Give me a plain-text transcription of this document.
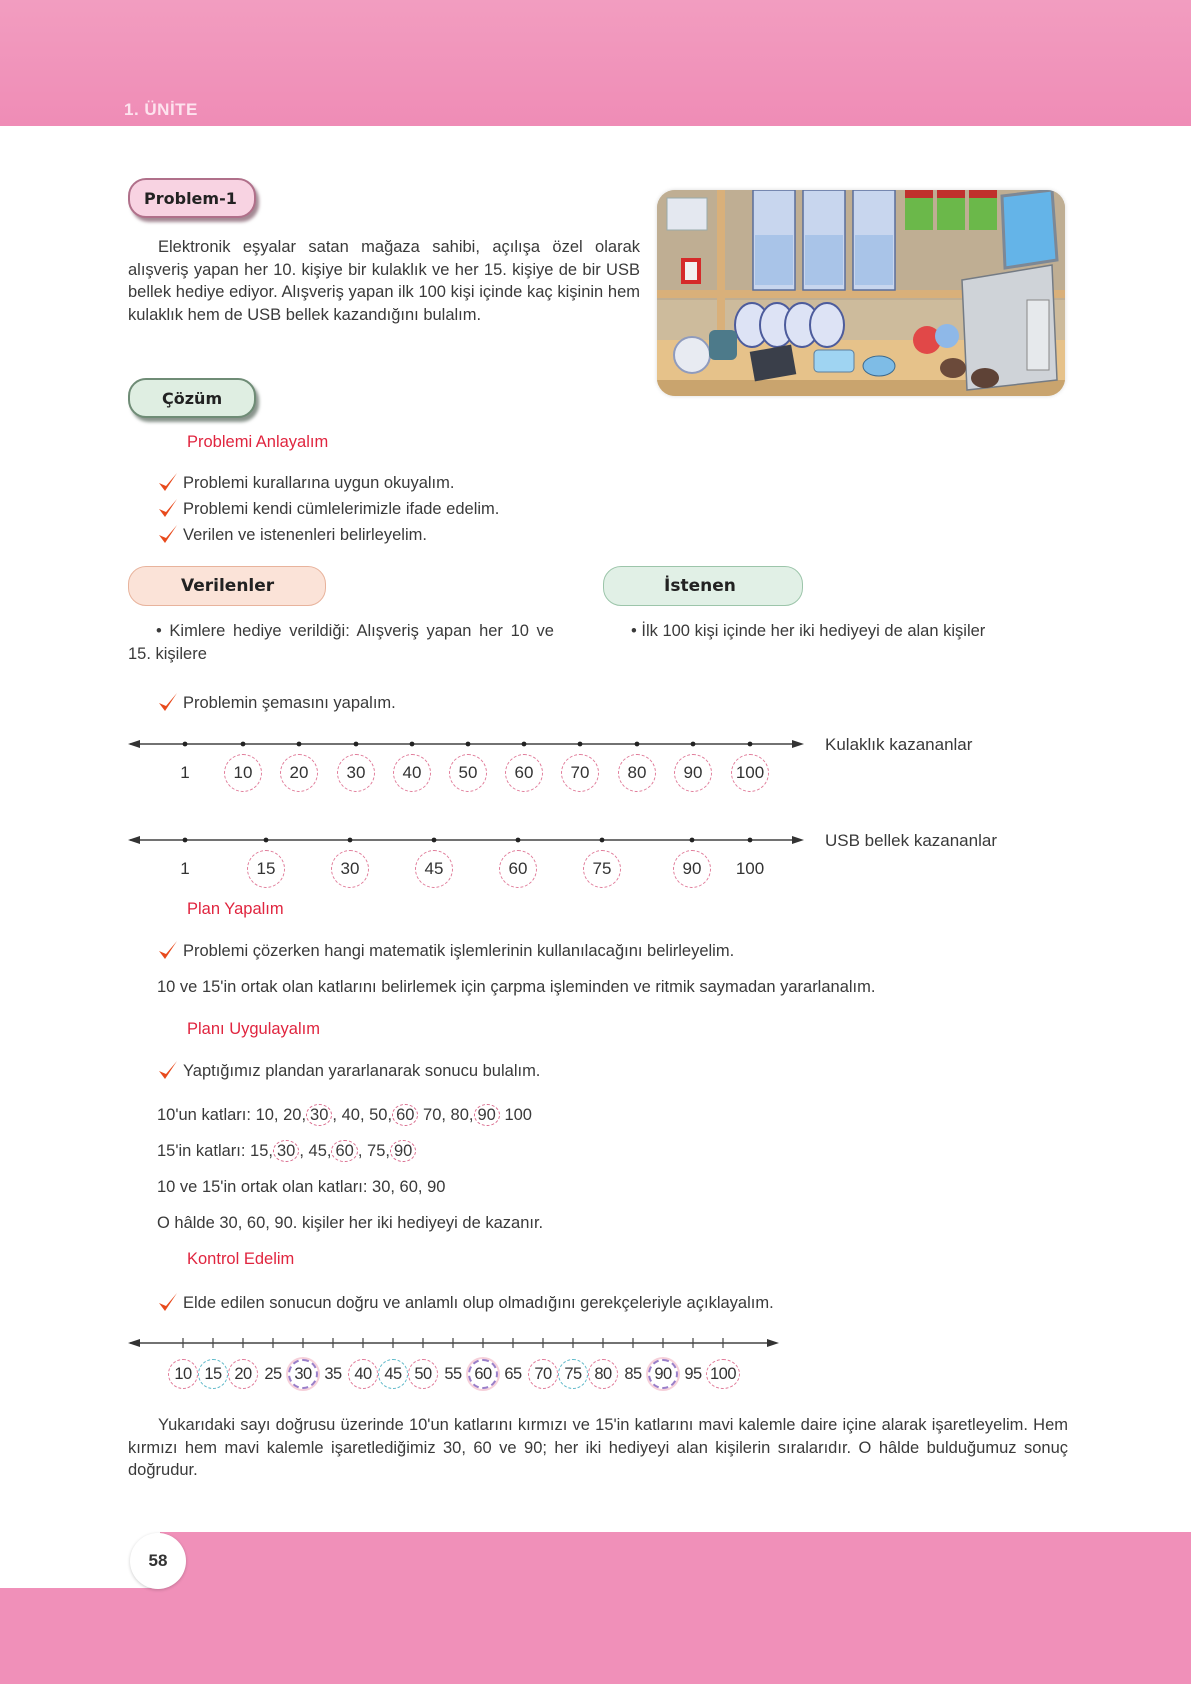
1. ÜNİTE
Problem-1

Elektronik eşyalar satan mağaza sahibi, açılışa özel olarak alışveriş yapan her 10. kişiye bir kulaklık ve her 15. kişiye de bir USB bellek hediye ediyor. Alışveriş yapan ilk 100 kişi içinde kaç kişinin hem kulaklık hem de USB bellek kazandığını bulalım.

Çözüm
Problemi Anlayalım
Problemi kurallarına uygun okuyalım.
Problemi kendi cümlelerimizle ifade edelim.
Verilen ve istenenleri belirleyelim.
Verilenler	İstenen

• Kimlere hediye verildiği: Alışveriş yapan her 10 ve 15. kişilere

• İlk 100 kişi içinde her iki hediyeyi de alan kişiler

Problemin şemasını yapalım.
1	10	20	30	40	50	60	70	80	90	100
Kulaklık kazananlar
1	15	30	45	60	75	90	100
USB bellek kazananlar
Plan Yapalım
Problemi çözerken hangi matematik işlemlerinin kullanılacağını belirleyelim.

10 ve 15'in ortak olan katlarını belirlemek için çarpma işleminden ve ritmik saymadan yararlanalım.

Planı Uygulayalım
Yaptığımız plandan yararlanarak sonucu bulalım.

10'un katları: 10, 20, 30 , 40, 50, 60 70, 80, 90 100

15'in katları: 15, 30 , 45, 60 , 75, 90

10 ve 15'in ortak olan katları: 30, 60, 90

O hâlde 30, 60, 90. kişiler her iki hediyeyi de kazanır.

Kontrol Edelim
Elde edilen sonucun doğru ve anlamlı olup olmadığını gerekçeleriyle açıklayalım.
10 15 20 25 30 35 40 45 50 55 60 65 70 75 80 85 90 95 100

Yukarıdaki sayı doğrusu üzerinde 10'un katlarını kırmızı ve 15'in katlarını mavi kalemle daire içine alarak işaretleyelim. Hem kırmızı hem mavi kalemle işaretlediğimiz 30, 60 ve 90; her iki hediyeyi alan kişilerin sıralarıdır. O hâlde bulduğumuz sonuç doğrudur.

58
